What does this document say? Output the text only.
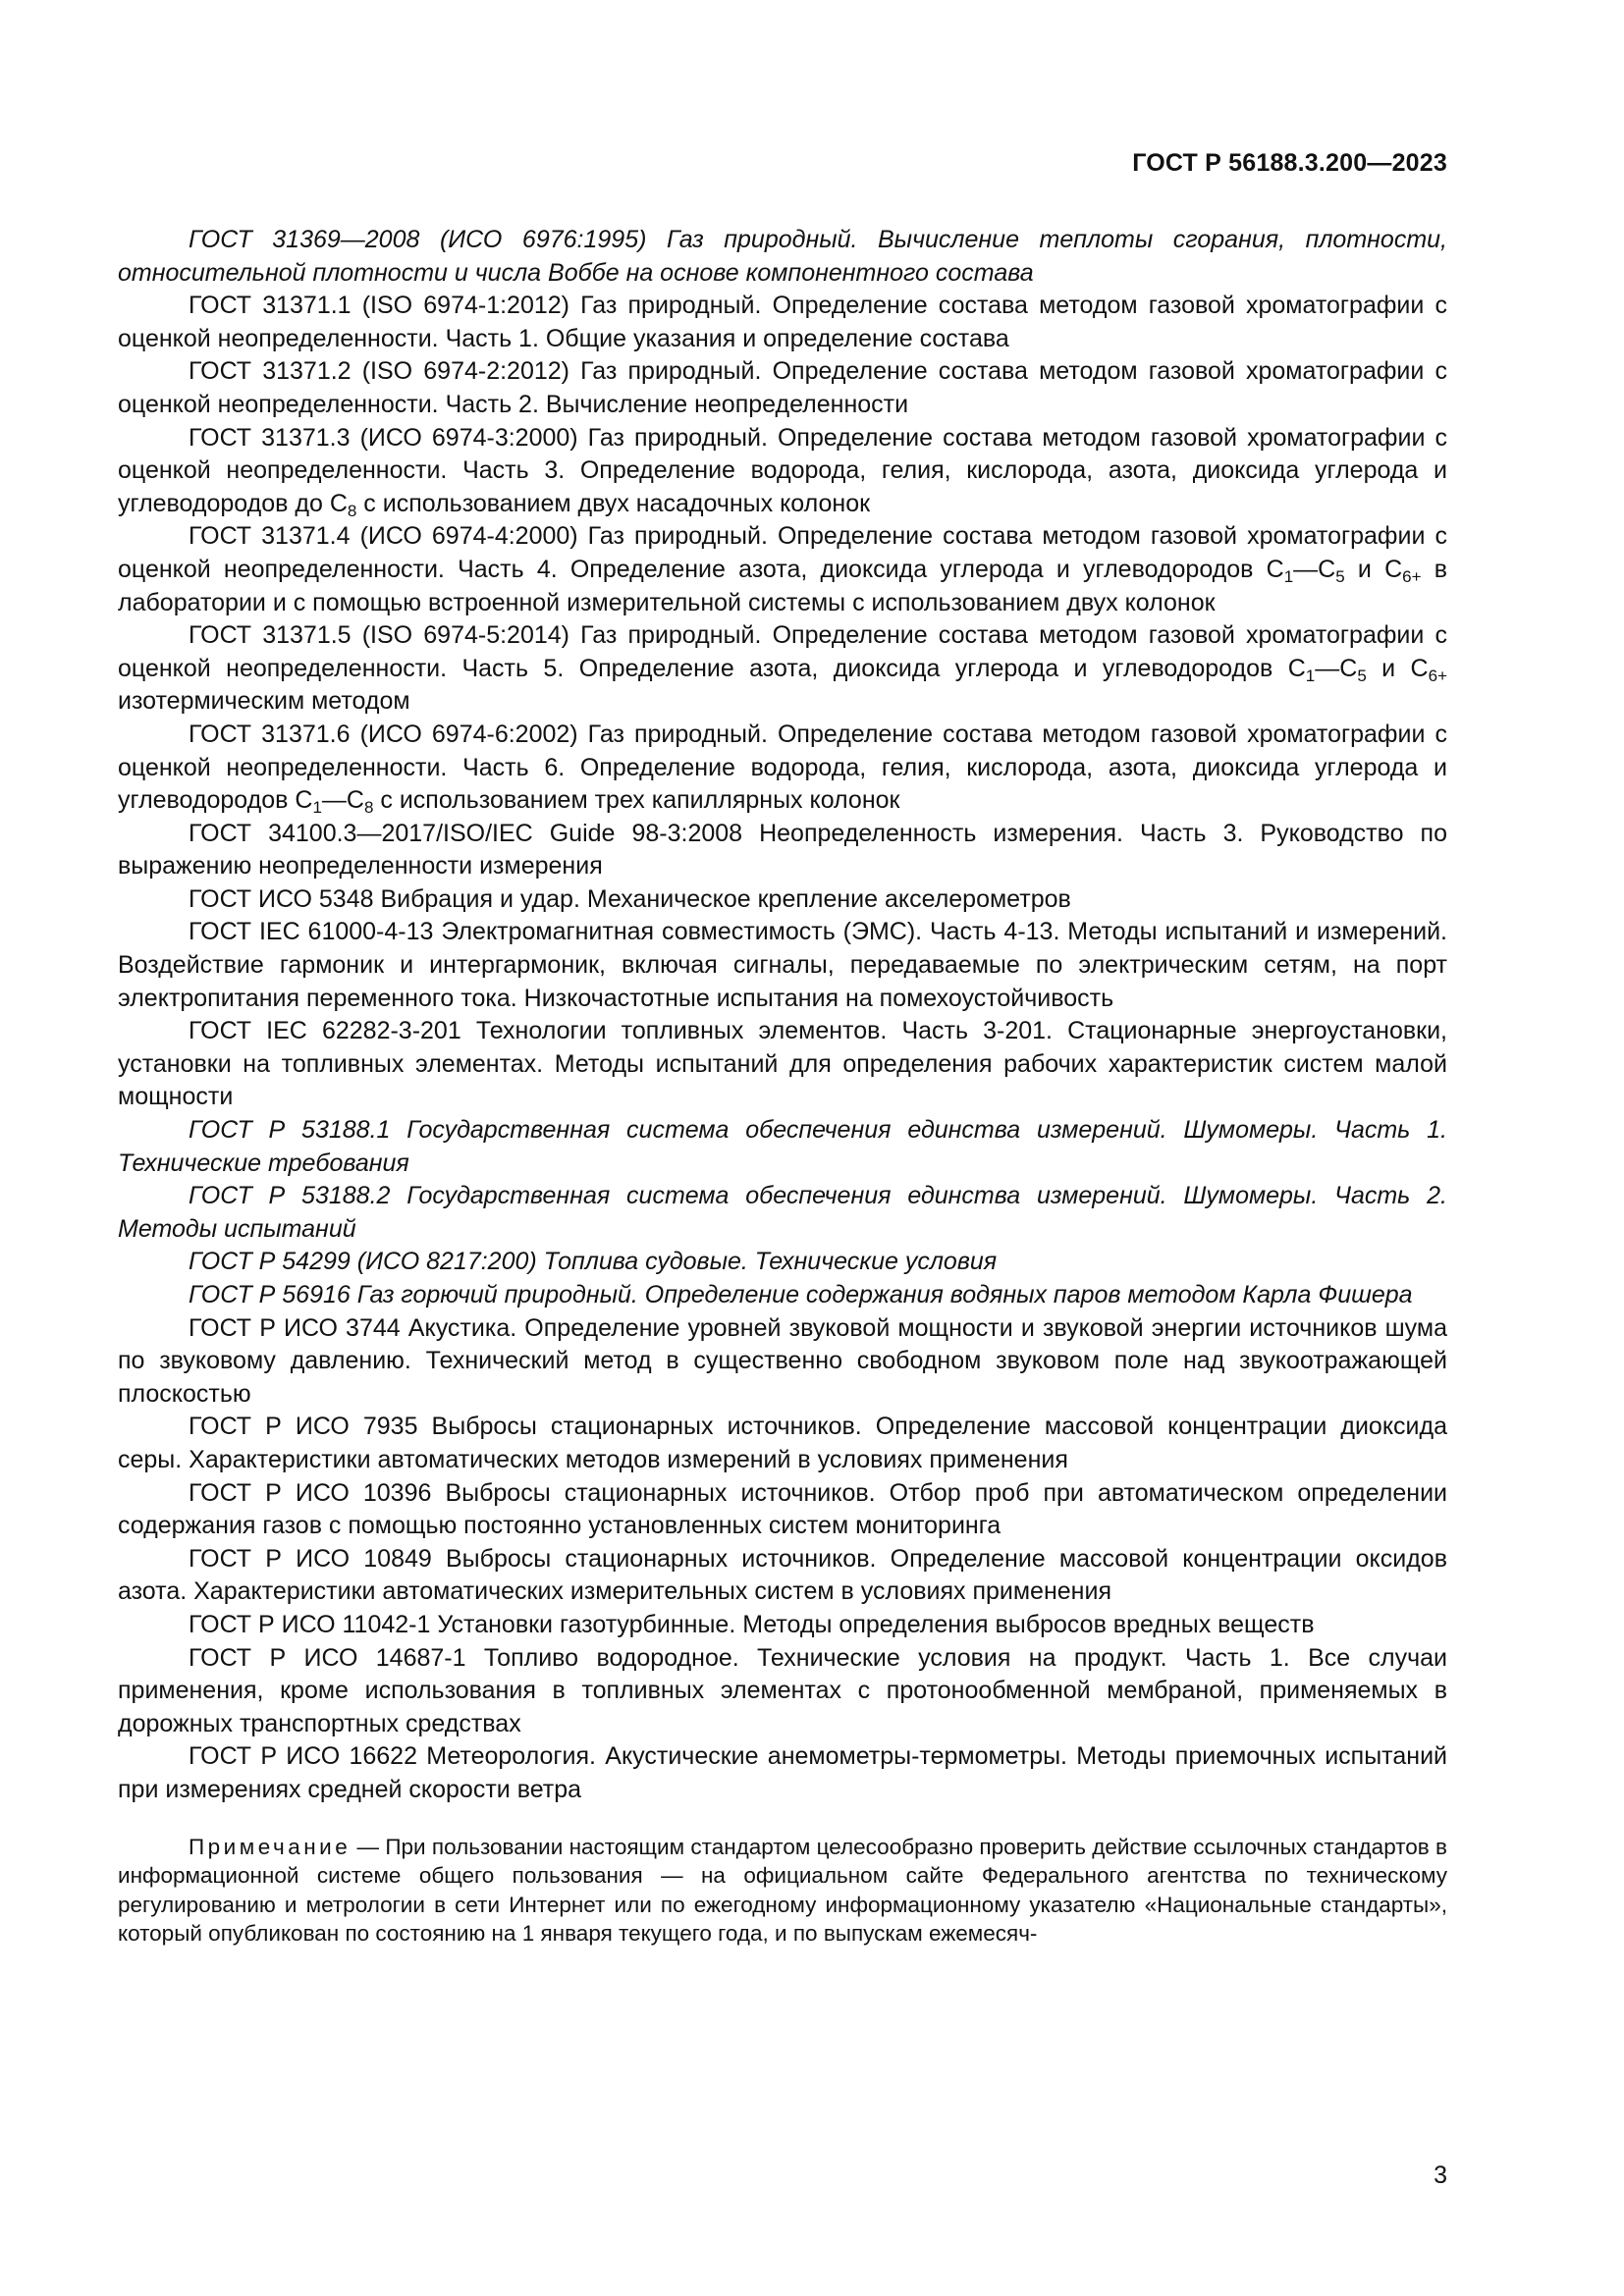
ГОСТ Р 56188.3.200—2023

ГОСТ 31369—2008 (ИСО 6976:1995) Газ природный. Вычисление теплоты сгорания, плотности, относительной плотности и числа Воббе на основе компонентного состава

ГОСТ 31371.1 (ISO 6974-1:2012) Газ природный. Определение состава методом газовой хроматографии с оценкой неопределенности. Часть 1. Общие указания и определение состава

ГОСТ 31371.2 (ISO 6974-2:2012) Газ природный. Определение состава методом газовой хроматографии с оценкой неопределенности. Часть 2. Вычисление неопределенности

ГОСТ 31371.3 (ИСО 6974-3:2000) Газ природный. Определение состава методом газовой хроматографии с оценкой неопределенности. Часть 3. Определение водорода, гелия, кислорода, азота, диоксида углерода и углеводородов до $С_8$ с использованием двух насадочных колонок

ГОСТ 31371.4 (ИСО 6974-4:2000) Газ природный. Определение состава методом газовой хроматографии с оценкой неопределенности. Часть 4. Определение азота, диоксида углерода и углеводородов $С_1—С_5$ и $С_{6+}$ в лаборатории и с помощью встроенной измерительной системы с использованием двух колонок

ГОСТ 31371.5 (ISO 6974-5:2014) Газ природный. Определение состава методом газовой хроматографии с оценкой неопределенности. Часть 5. Определение азота, диоксида углерода и углеводородов $С_1—С_5$ и $С_{6+}$ изотермическим методом

ГОСТ 31371.6 (ИСО 6974-6:2002) Газ природный. Определение состава методом газовой хроматографии с оценкой неопределенности. Часть 6. Определение водорода, гелия, кислорода, азота, диоксида углерода и углеводородов $С_1—С_8$ с использованием трех капиллярных колонок

ГОСТ 34100.3—2017/ISO/IEC Guide 98-3:2008 Неопределенность измерения. Часть 3. Руководство по выражению неопределенности измерения

ГОСТ ИСО 5348 Вибрация и удар. Механическое крепление акселерометров

ГОСТ IEC 61000-4-13 Электромагнитная совместимость (ЭМС). Часть 4-13. Методы испытаний и измерений. Воздействие гармоник и интергармоник, включая сигналы, передаваемые по электрическим сетям, на порт электропитания переменного тока. Низкочастотные испытания на помехоустойчивость

ГОСТ IEC 62282-3-201 Технологии топливных элементов. Часть 3-201. Стационарные энергоустановки, установки на топливных элементах. Методы испытаний для определения рабочих характеристик систем малой мощности

ГОСТ Р 53188.1 Государственная система обеспечения единства измерений. Шумомеры. Часть 1. Технические требования

ГОСТ Р 53188.2 Государственная система обеспечения единства измерений. Шумомеры. Часть 2. Методы испытаний

ГОСТ Р 54299 (ИСО 8217:200) Топлива судовые. Технические условия

ГОСТ Р 56916 Газ горючий природный. Определение содержания водяных паров методом Карла Фишера

ГОСТ Р ИСО 3744 Акустика. Определение уровней звуковой мощности и звуковой энергии источников шума по звуковому давлению. Технический метод в существенно свободном звуковом поле над звукоотражающей плоскостью

ГОСТ Р ИСО 7935 Выбросы стационарных источников. Определение массовой концентрации диоксида серы. Характеристики автоматических методов измерений в условиях применения

ГОСТ Р ИСО 10396 Выбросы стационарных источников. Отбор проб при автоматическом определении содержания газов с помощью постоянно установленных систем мониторинга

ГОСТ Р ИСО 10849 Выбросы стационарных источников. Определение массовой концентрации оксидов азота. Характеристики автоматических измерительных систем в условиях применения

ГОСТ Р ИСО 11042-1 Установки газотурбинные. Методы определения выбросов вредных веществ

ГОСТ Р ИСО 14687-1 Топливо водородное. Технические условия на продукт. Часть 1. Все случаи применения, кроме использования в топливных элементах с протонообменной мембраной, применяемых в дорожных транспортных средствах

ГОСТ Р ИСО 16622 Метеорология. Акустические анемометры-термометры. Методы приемочных испытаний при измерениях средней скорости ветра

Примечание — При пользовании настоящим стандартом целесообразно проверить действие ссылочных стандартов в информационной системе общего пользования — на официальном сайте Федерального агентства по техническому регулированию и метрологии в сети Интернет или по ежегодному информационному указателю «Национальные стандарты», который опубликован по состоянию на 1 января текущего года, и по выпускам ежемесяч-

3
